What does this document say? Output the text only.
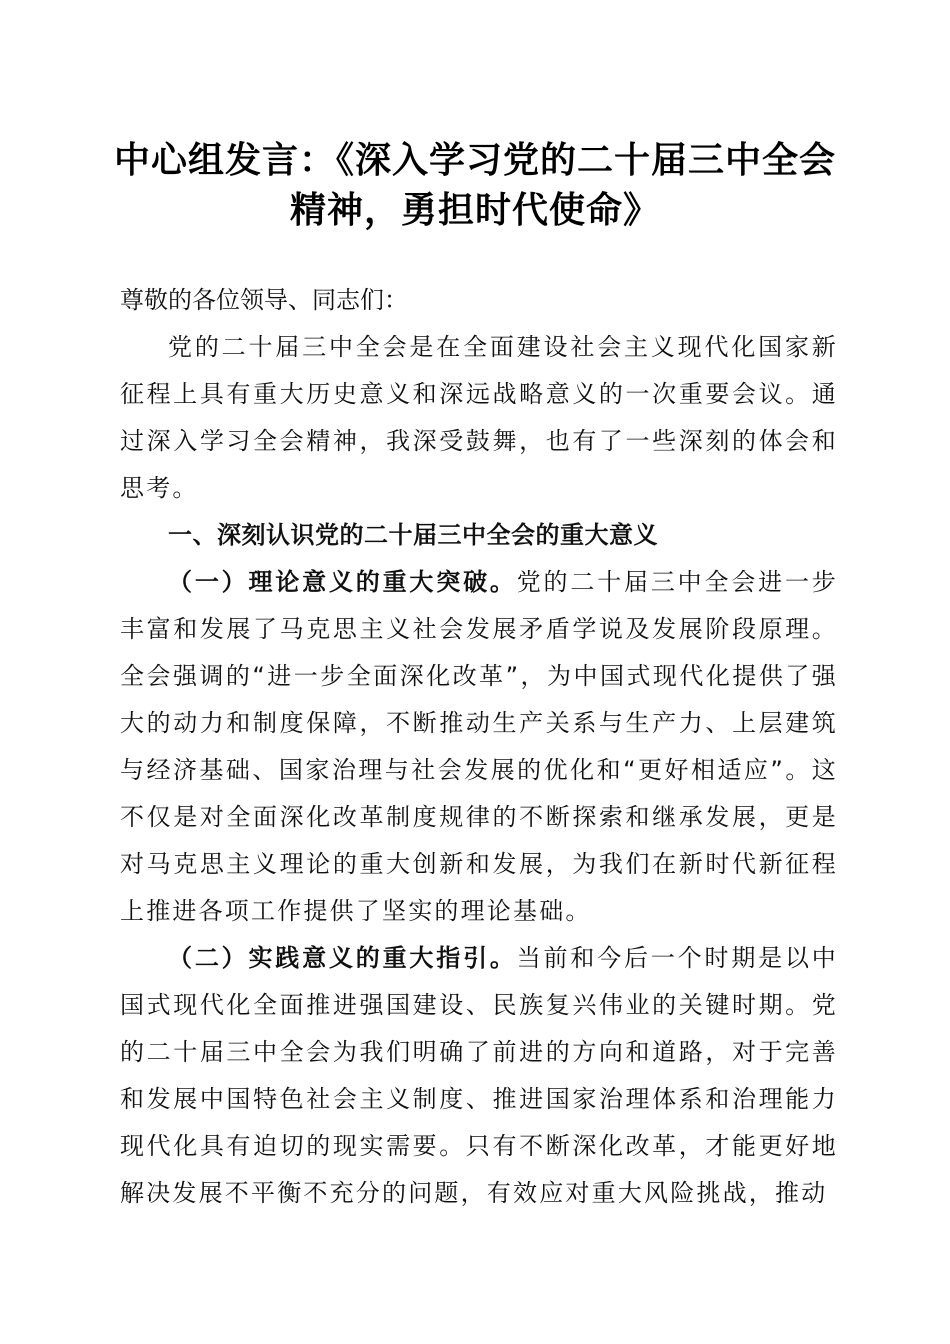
中心组发言：《深入学习党的二十届三中全会
精神，勇担时代使命》

尊敬的各位领导、同志们：

党的二十届三中全会是在全面建设社会主义现代化国家新征程上具有重大历史意义和深远战略意义的一次重要会议。通过深入学习全会精神，我深受鼓舞，也有了一些深刻的体会和思考。

一、深刻认识党的二十届三中全会的重大意义

（一）理论意义的重大突破。党的二十届三中全会进一步丰富和发展了马克思主义社会发展矛盾学说及发展阶段原理。全会强调的“进一步全面深化改革”，为中国式现代化提供了强大的动力和制度保障，不断推动生产关系与生产力、上层建筑与经济基础、国家治理与社会发展的优化和“更好相适应”。这不仅是对全面深化改革制度规律的不断探索和继承发展，更是对马克思主义理论的重大创新和发展，为我们在新时代新征程上推进各项工作提供了坚实的理论基础。

（二）实践意义的重大指引。当前和今后一个时期是以中国式现代化全面推进强国建设、民族复兴伟业的关键时期。党的二十届三中全会为我们明确了前进的方向和道路，对于完善和发展中国特色社会主义制度、推进国家治理体系和治理能力现代化具有迫切的现实需要。只有不断深化改革，才能更好地解决发展不平衡不充分的问题，有效应对重大风险挑战，推动
